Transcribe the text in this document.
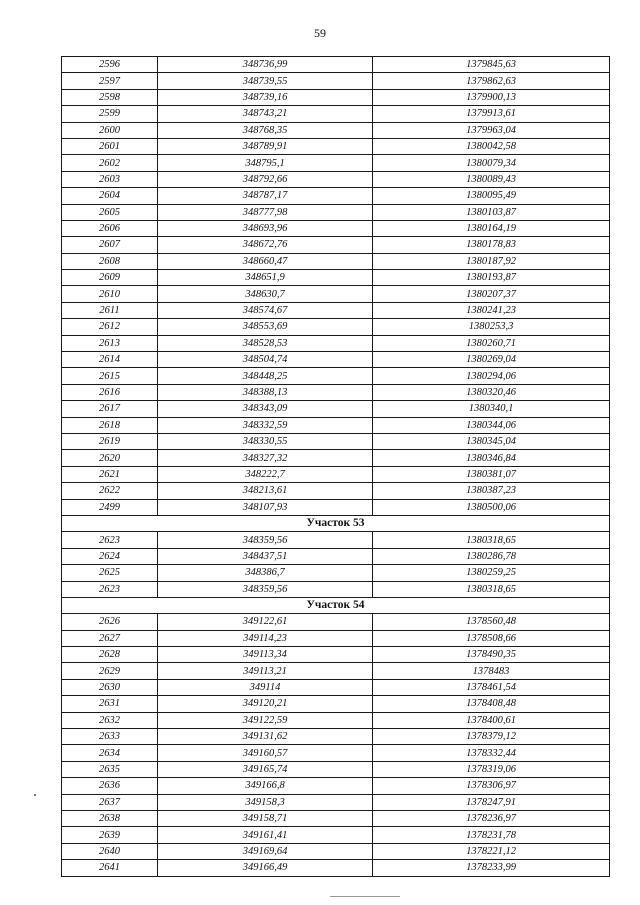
59
2596	348736,99	1379845,63
2597	348739,55	1379862,63
2598	348739,16	1379900,13
2599	348743,21	1379913,61
2600	348768,35	1379963,04
2601	348789,91	1380042,58
2602	348795,1	1380079,34
2603	348792,66	1380089,43
2604	348787,17	1380095,49
2605	348777,98	1380103,87
2606	348693,96	1380164,19
2607	348672,76	1380178,83
2608	348660,47	1380187,92
2609	348651,9	1380193,87
2610	348630,7	1380207,37
2611	348574,67	1380241,23
2612	348553,69	1380253,3
2613	348528,53	1380260,71
2614	348504,74	1380269,04
2615	348448,25	1380294,06
2616	348388,13	1380320,46
2617	348343,09	1380340,1
2618	348332,59	1380344,06
2619	348330,55	1380345,04
2620	348327,32	1380346,84
2621	348222,7	1380381,07
2622	348213,61	1380387,23
2499	348107,93	1380500,06
Участок 53		
2623	348359,56	1380318,65
2624	348437,51	1380286,78
2625	348386,7	1380259,25
2623	348359,56	1380318,65
Участок 54		
2626	349122,61	1378560,48
2627	349114,23	1378508,66
2628	349113,34	1378490,35
2629	349113,21	1378483
2630	349114	1378461,54
2631	349120,21	1378408,48
2632	349122,59	1378400,61
2633	349131,62	1378379,12
2634	349160,57	1378332,44
2635	349165,74	1378319,06
2636	349166,8	1378306,97
2637	349158,3	1378247,91
2638	349158,71	1378236,97
2639	349161,41	1378231,78
2640	349169,64	1378221,12
2641	349166,49	1378233,99
